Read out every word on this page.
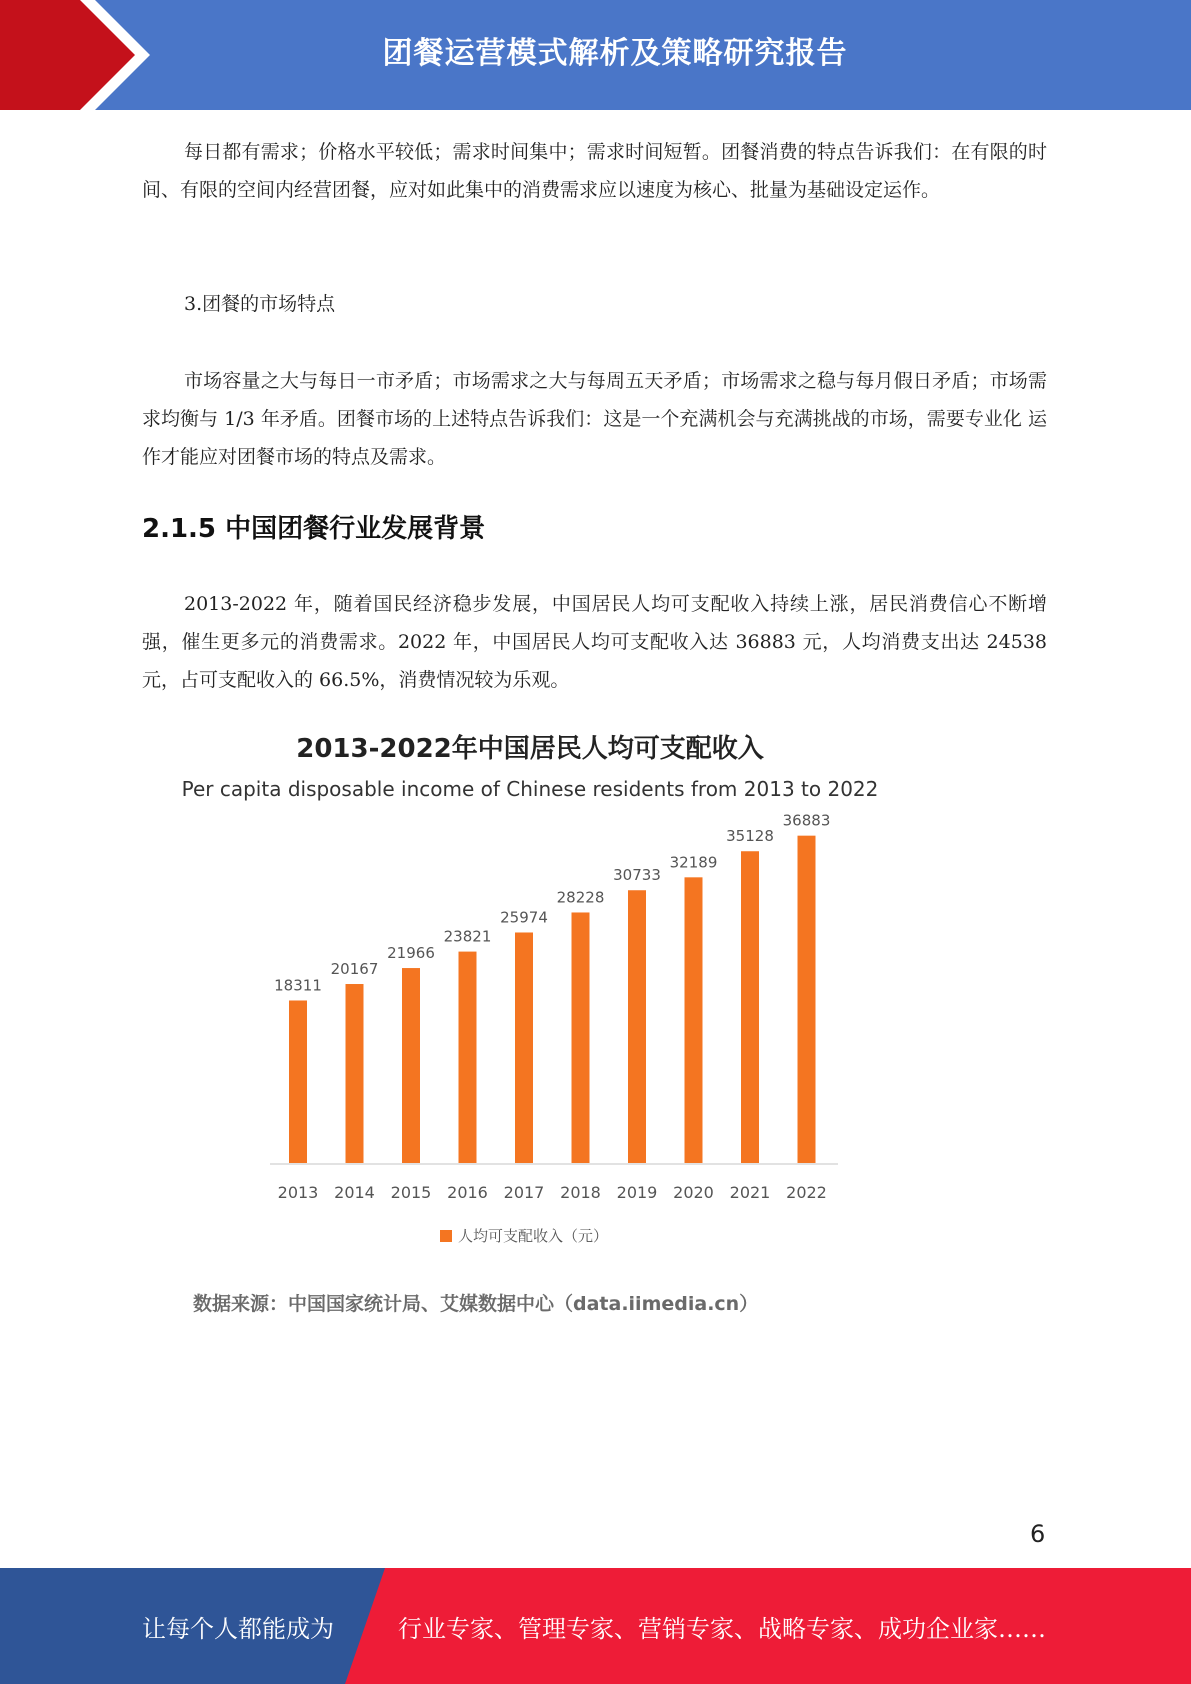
团餐运营模式解析及策略研究报告

每日都有需求；价格水平较低；需求时间集中；需求时间短暂。团餐消费的特点告诉我们：在有限的时间、有限的空间内经营团餐，应对如此集中的消费需求应以速度为核心、批量为基础设定运作。

3.团餐的市场特点

市场容量之大与每日一市矛盾；市场需求之大与每周五天矛盾；市场需求之稳与每月假日矛盾；市场需求均衡与 1/3 年矛盾。团餐市场的上述特点告诉我们：这是一个充满机会与充满挑战的市场，需要专业化 运作才能应对团餐市场的特点及需求。

2.1.5 中国团餐行业发展背景

2013-2022 年，随着国民经济稳步发展，中国居民人均可支配收入持续上涨，居民消费信心不断增强，催生更多元的消费需求。2022 年，中国居民人均可支配收入达 36883 元，人均消费支出达 24538 元，占可支配收入的 66.5%，消费情况较为乐观。

2013-2022年中国居民人均可支配收入
Per capita disposable income of Chinese residents from 2013 to 2022
18311
20167
21966
23821
25974
28228
30733
32189
35128
36883
2013 2014 2015 2016 2017 2018 2019 2020 2021 2022
人均可支配收入（元）
数据来源：中国国家统计局、艾媒数据中心（data.iimedia.cn）
6
让每个人都能成为	行业专家、管理专家、营销专家、战略专家、成功企业家……
